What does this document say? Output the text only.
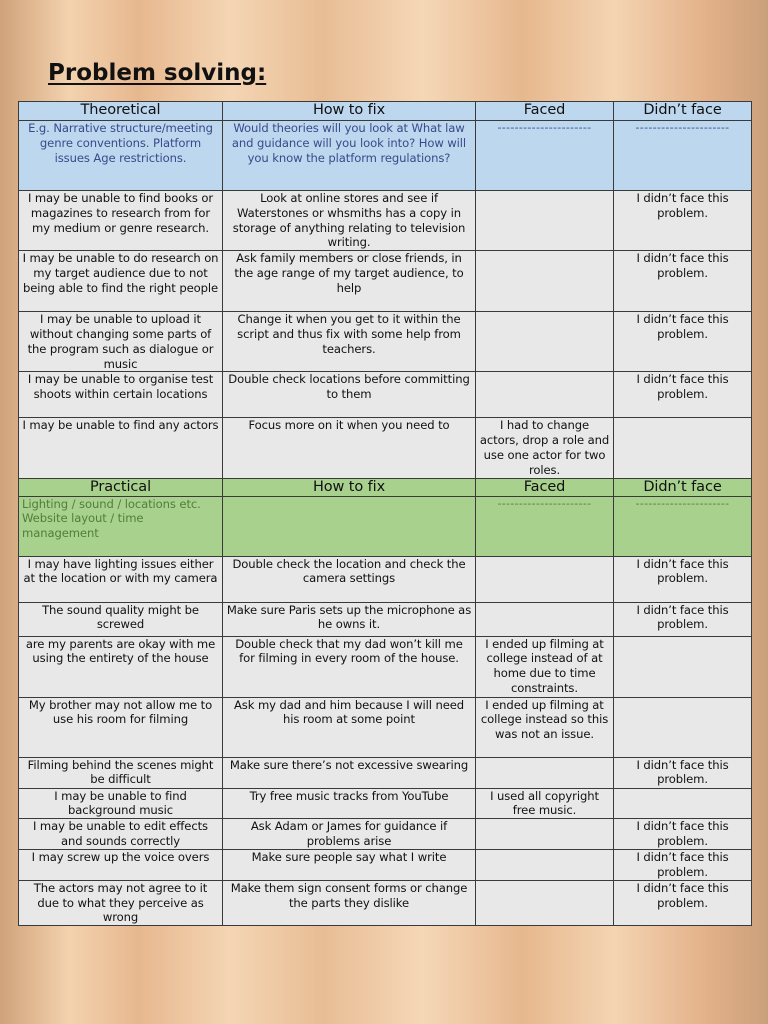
Problem solving:
Theoretical	How to fix	Faced	Didn’t face
E.g. Narrative structure/meeting genre conventions. Platform issues Age restrictions.	Would theories will you look at What law and guidance will you look into? How will you know the platform regulations?	----------------------	----------------------
I may be unable to find books or magazines to research from for my medium or genre research.	Look at online stores and see if Waterstones or whsmiths has a copy in storage of anything relating to television writing.		I didn’t face this problem.
I may be unable to do research on my target audience due to not being able to find the right people	Ask family members or close friends, in the age range of my target audience, to help		I didn’t face this problem.
I may be unable to upload it without changing some parts of the program such as dialogue or music	Change it when you get to it within the script and thus fix with some help from teachers.		I didn’t face this problem.
I may be unable to organise test shoots within certain locations	Double check locations before committing to them		I didn’t face this problem.
I may be unable to find any actors	Focus more on it when you need to	I had to change actors, drop a role and use one actor for two roles.	
Practical	How to fix	Faced	Didn’t face
Lighting / sound / locations etc. Website layout / time management		----------------------	----------------------
I may have lighting issues either at the location or with my camera	Double check the location and check the camera settings		I didn’t face this problem.
The sound quality might be screwed	Make sure Paris sets up the microphone as he owns it.		I didn’t face this problem.
are my parents are okay with me using the entirety of the house	Double check that my dad won’t kill me for filming in every room of the house.	I ended up filming at college instead of at home due to time constraints.	
My brother may not allow me to use his room for filming	Ask my dad and him because I will need his room at some point	I ended up filming at college instead so this was not an issue.	
Filming behind the scenes might be difficult	Make sure there’s not excessive swearing		I didn’t face this problem.
I may be unable to find background music	Try free music tracks from YouTube	I used all copyright free music.	
I may be unable to edit effects and sounds correctly	Ask Adam or James for guidance if problems arise		I didn’t face this problem.
I may screw up the voice overs	Make sure people say what I write		I didn’t face this problem.
The actors may not agree to it due to what they perceive as wrong	Make them sign consent forms or change the parts they dislike		I didn’t face this problem.
